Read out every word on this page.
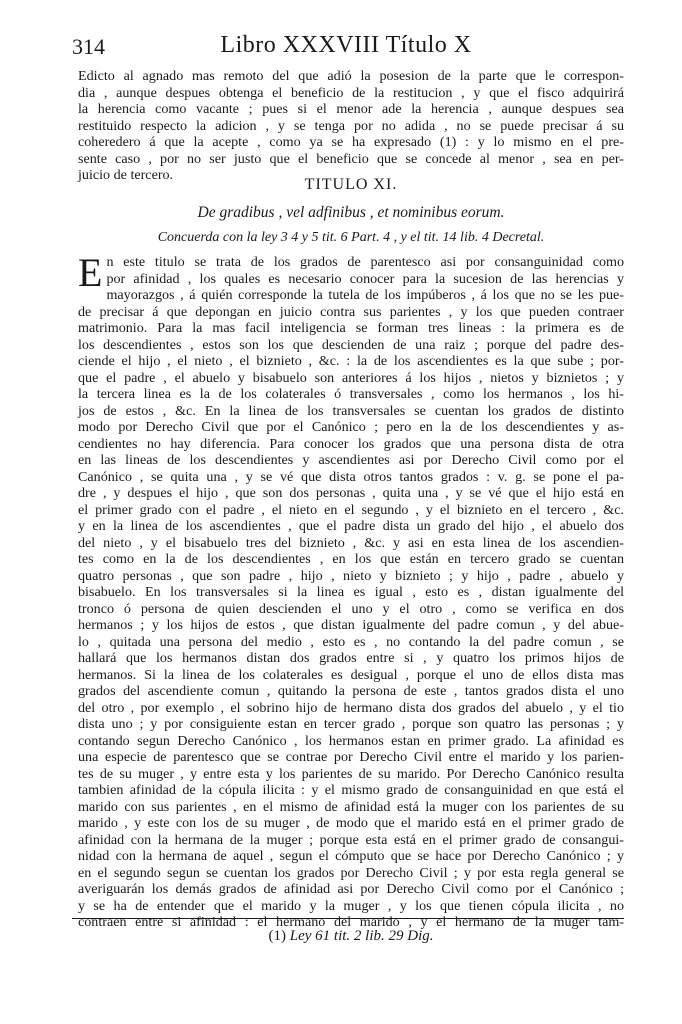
314	Libro XXXVIII Título X
Edicto al agnado mas remoto del que adió la posesion de la parte que le correspon-
dia , aunque despues obtenga el beneficio de la restitucion , y que el fisco adquirirá
la herencia como vacante ; pues si el menor ade la herencia , aunque despues sea
restituido respecto la adicion , y se tenga por no adida , no se puede precisar á su
coheredero á que la acepte , como ya se ha expresado (1) : y lo mismo en el pre-
sente caso , por no ser justo que el beneficio que se concede al menor , sea en per-
juicio de tercero.
TITULO XI.
De gradibus , vel adfinibus , et nominibus eorum.
Concuerda con la ley 3 4 y 5 tit. 6 Part. 4 , y el tit. 14 lib. 4 Decretal.
E n este titulo se trata de los grados de parentesco asi por consanguinidad como
por afinidad , los quales es necesario conocer para la sucesion de las herencias y
mayorazgos , á quién corresponde la tutela de los impúberos , á los que no se les pue-
de precisar á que depongan en juicio contra sus parientes , y los que pueden contraer
matrimonio. Para la mas facil inteligencia se forman tres lineas : la primera es de
los descendientes , estos son los que descienden de una raiz ; porque del padre des-
ciende el hijo , el nieto , el biznieto , &c. : la de los ascendientes es la que sube ; por-
que el padre , el abuelo y bisabuelo son anteriores á los hijos , nietos y biznietos ; y
la tercera linea es la de los colaterales ó transversales , como los hermanos , los hi-
jos de estos , &c. En la linea de los transversales se cuentan los grados de distinto
modo por Derecho Civil que por el Canónico ; pero en la de los descendientes y as-
cendientes no hay diferencia. Para conocer los grados que una persona dista de otra
en las lineas de los descendientes y ascendientes asi por Derecho Civil como por el
Canónico , se quita una , y se vé que dista otros tantos grados : v. g. se pone el pa-
dre , y despues el hijo , que son dos personas , quita una , y se vé que el hijo está en
el primer grado con el padre , el nieto en el segundo , y el biznieto en el tercero , &c.
y en la linea de los ascendientes , que el padre dista un grado del hijo , el abuelo dos
del nieto , y el bisabuelo tres del biznieto , &c. y asi en esta linea de los ascendien-
tes como en la de los descendientes , en los que están en tercero grado se cuentan
quatro personas , que son padre , hijo , nieto y biznieto ; y hijo , padre , abuelo y
bisabuelo. En los transversales si la linea es igual , esto es , distan igualmente del
tronco ó persona de quien descienden el uno y el otro , como se verifica en dos
hermanos ; y los hijos de estos , que distan igualmente del padre comun , y del abue-
lo , quitada una persona del medio , esto es , no contando la del padre comun , se
hallará que los hermanos distan dos grados entre si , y quatro los primos hijos de
hermanos. Si la linea de los colaterales es desigual , porque el uno de ellos dista mas
grados del ascendiente comun , quitando la persona de este , tantos grados dista el uno
del otro , por exemplo , el sobrino hijo de hermano dista dos grados del abuelo , y el tio
dista uno ; y por consiguiente estan en tercer grado , porque son quatro las personas ; y
contando segun Derecho Canónico , los hermanos estan en primer grado. La afinidad es
una especie de parentesco que se contrae por Derecho Civil entre el marido y los parien-
tes de su muger , y entre esta y los parientes de su marido. Por Derecho Canónico resulta
tambien afinidad de la cópula ilicita : y el mismo grado de consanguinidad en que está el
marido con sus parientes , en el mismo de afinidad está la muger con los parientes de su
marido , y este con los de su muger , de modo que el marido está en el primer grado de
afinidad con la hermana de la muger ; porque esta está en el primer grado de consangui-
nidad con la hermana de aquel , segun el cómputo que se hace por Derecho Canónico ; y
en el segundo segun se cuentan los grados por Derecho Civil ; y por esta regla general se
averiguarán los demás grados de afinidad asi por Derecho Civil como por el Canónico ;
y se ha de entender que el marido y la muger , y los que tienen cópula ilicita , no
contraen entre si afinidad : el hermano del marido , y el hermano de la muger tam-
(1) Ley 61 tit. 2 lib. 29 Dig.
